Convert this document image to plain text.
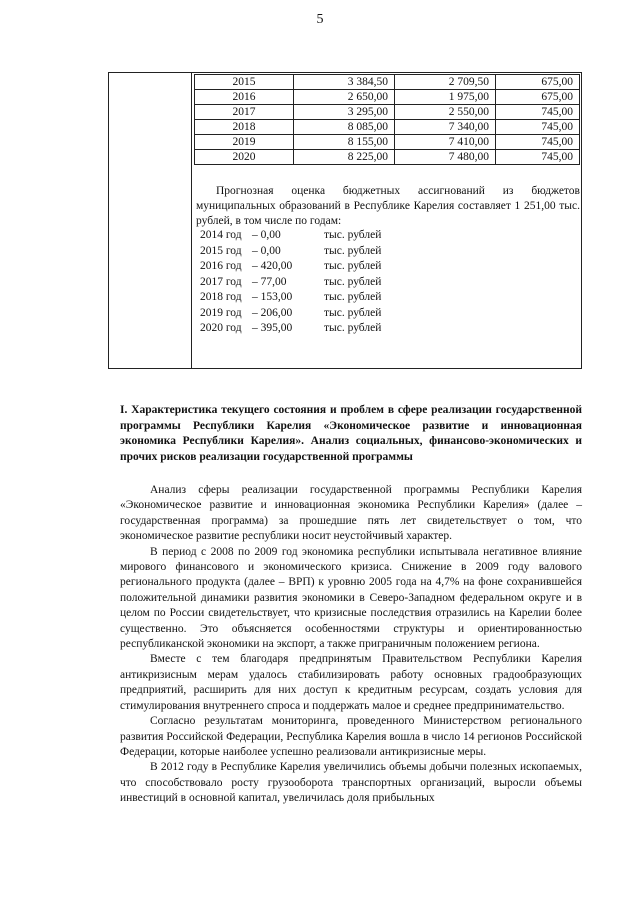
5
2015	3 384,50	2 709,50	675,00
2016	2 650,00	1 975,00	675,00
2017	3 295,00	2 550,00	745,00
2018	8 085,00	7 340,00	745,00
2019	8 155,00	7 410,00	745,00
2020	8 225,00	7 480,00	745,00

Прогнозная оценка бюджетных ассигнований из бюджетов муниципальных образований в Республике Карелия составляет 1 251,00 тыс. рублей, в том числе по годам:

2014 год – 0,00	тыс. рублей
2015 год – 0,00	тыс. рублей
2016 год – 420,00	тыс. рублей
2017 год – 77,00	тыс. рублей
2018 год – 153,00	тыс. рублей
2019 год – 206,00	тыс. рублей
2020 год – 395,00	тыс. рублей

I. Характеристика текущего состояния и проблем в сфере реализации государственной программы Республики Карелия «Экономическое развитие и инновационная экономика Республики Карелия». Анализ социальных, финансово-экономических и прочих рисков реализации государственной программы

Анализ сферы реализации государственной программы Республики Карелия «Экономическое развитие и инновационная экономика Республики Карелия» (далее – государственная программа) за прошедшие пять лет свидетельствует о том, что экономическое развитие республики носит неустойчивый характер.

В период с 2008 по 2009 год экономика республики испытывала негативное влияние мирового финансового и экономического кризиса. Снижение в 2009 году валового регионального продукта (далее – ВРП) к уровню 2005 года на 4,7% на фоне сохранившейся положительной динамики развития экономики в Северо-Западном федеральном округе и в целом по России свидетельствует, что кризисные последствия отразились на Карелии более существенно. Это объясняется особенностями структуры и ориентированностью республиканской экономики на экспорт, а также приграничным положением региона.

Вместе с тем благодаря предпринятым Правительством Республики Карелия антикризисным мерам удалось стабилизировать работу основных градообразующих предприятий, расширить для них доступ к кредитным ресурсам, создать условия для стимулирования внутреннего спроса и поддержать малое и среднее предпринимательство.

Согласно результатам мониторинга, проведенного Министерством регионального развития Российской Федерации, Республика Карелия вошла в число 14 регионов Российской Федерации, которые наиболее успешно реализовали антикризисные меры.

В 2012 году в Республике Карелия увеличились объемы добычи полезных ископаемых, что способствовало росту грузооборота транспортных организаций, выросли объемы инвестиций в основной капитал, увеличилась доля прибыльных
